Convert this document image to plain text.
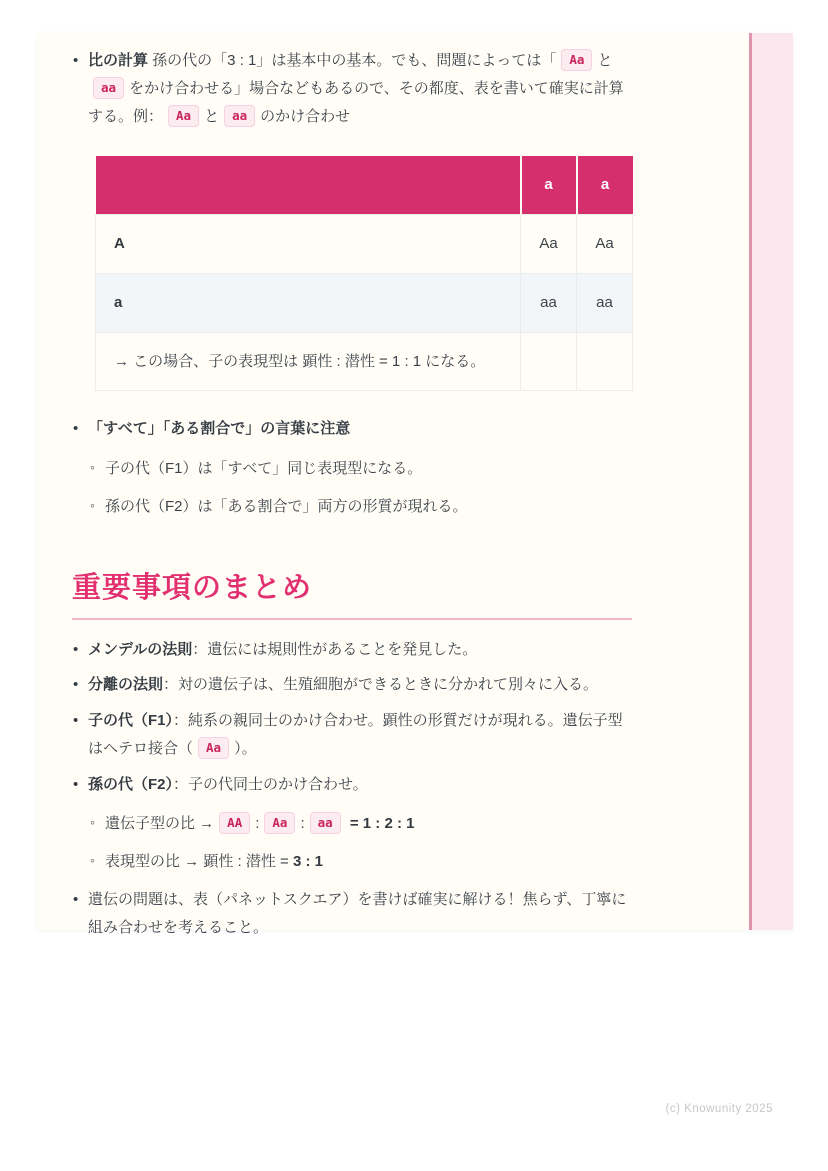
• 比の計算 孫の代の「3 : 1」は基本中の基本。でも、問題によっては「 Aa とaa をかけ合わせる」場合などもあるので、その都度、表を書いて確実に計算する。例： Aa と aa のかけ合わせ
	a	a
A	Aa	Aa
a	aa	aa
→ この場合、子の表現型は 顕性 : 潜性 = 1 : 1 になる。		
• 「すべて」「ある割合で」の言葉に注意
◦ 子の代（F1）は「すべて」同じ表現型になる。
◦ 孫の代（F2）は「ある割合で」両方の形質が現れる。
重要事項のまとめ
• メンデルの法則：遺伝には規則性があることを発見した。
• 分離の法則：対の遺伝子は、生殖細胞ができるときに分かれて別々に入る。
• 子の代（F1）：純系の親同士のかけ合わせ。顕性の形質だけが現れる。遺伝子型はヘテロ接合（ Aa ）。
• 孫の代（F2）：子の代同士のかけ合わせ。
◦ 遺伝子型の比 → AA : Aa : aa = 1 : 2 : 1
◦ 表現型の比 → 顕性 : 潜性 = 3 : 1
• 遺伝の問題は、表（パネットスクエア）を書けば確実に解ける！焦らず、丁寧に組み合わせを考えること。
(c) Knowunity 2025
